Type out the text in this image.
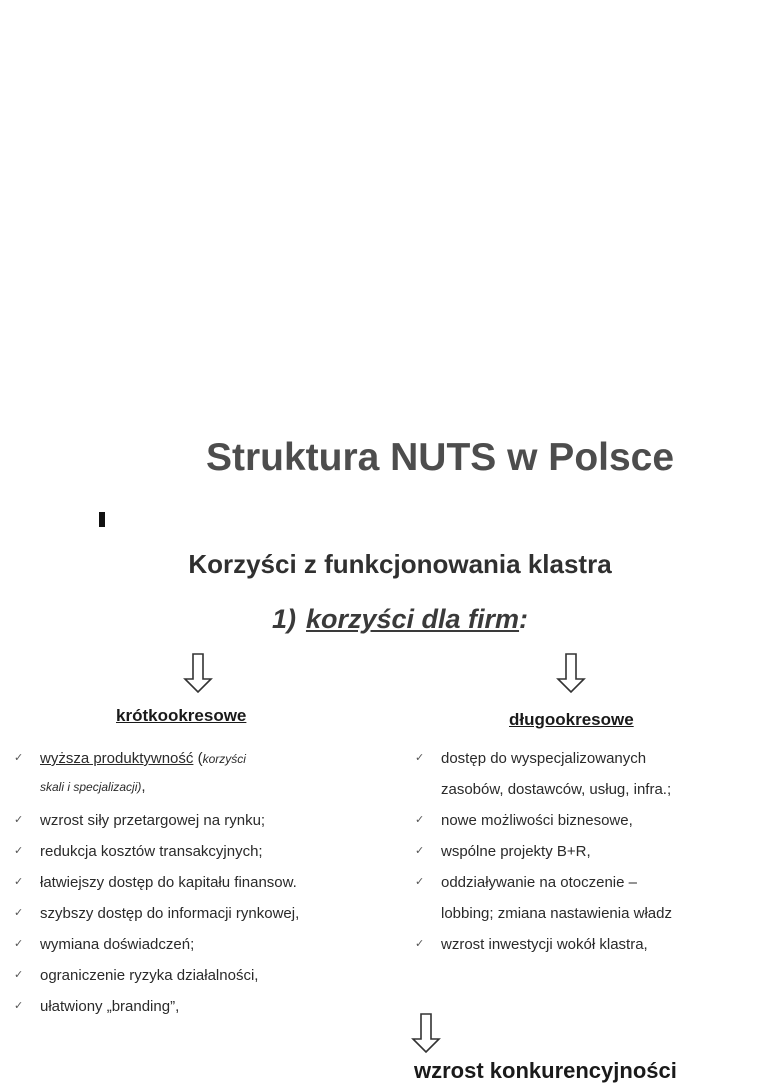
Struktura NUTS w Polsce
Korzyści z funkcjonowania klastra
1) korzyści dla firm:
krótkookresowe
✓ wyższa produktywność (korzyści
skali i specjalizacji),
✓ wzrost siły przetargowej na rynku;
✓ redukcja kosztów transakcyjnych;
✓ łatwiejszy dostęp do kapitału finansow.
✓ szybszy dostęp do informacji rynkowej,
✓ wymiana doświadczeń;
✓ ograniczenie ryzyka działalności,
✓ ułatwiony „branding”,
długookresowe
✓ dostęp do wyspecjalizowanych
zasobów, dostawców, usług, infra.;
✓ nowe możliwości biznesowe,
✓ wspólne projekty B+R,
✓ oddziaływanie na otoczenie –
lobbing; zmiana nastawienia władz
✓ wzrost inwestycji wokół klastra,
wzrost konkurencyjności
